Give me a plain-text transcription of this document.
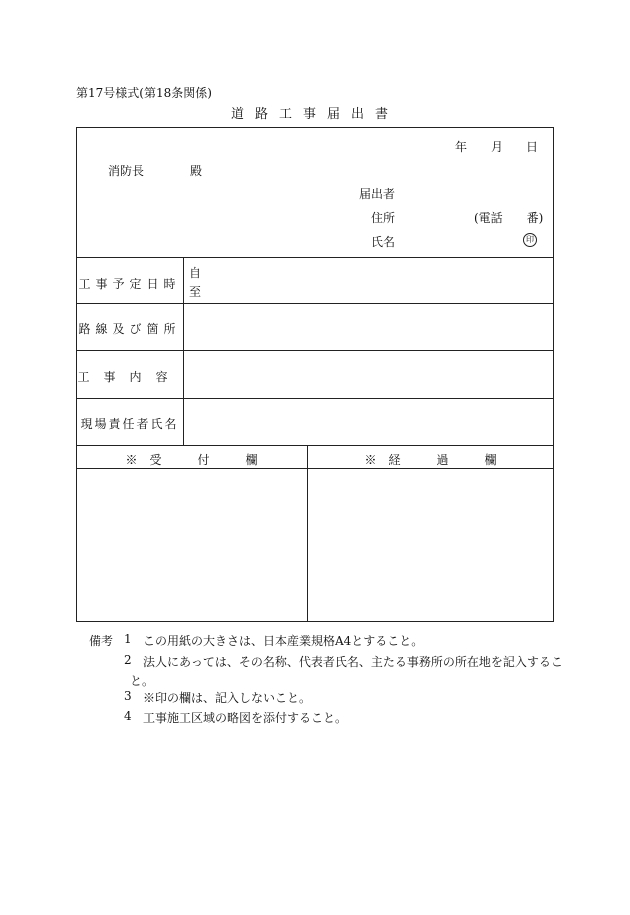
第17号様式(第18条関係)
道路工事届出書
年 月 日
消防長	殿
届出者
住所	(電話　　番)
氏名	印
工事予定日時
自
至
路線及び箇所
工事内容
現場責任者氏名
※　受　　　付　　　欄	※　経　　　過　　　欄
備考 1 この用紙の大きさは、日本産業規格A4とすること。
2 法人にあっては、その名称、代表者氏名、主たる事務所の所在地を記入するこ
と。
3 ※印の欄は、記入しないこと。
4 工事施工区域の略図を添付すること。
